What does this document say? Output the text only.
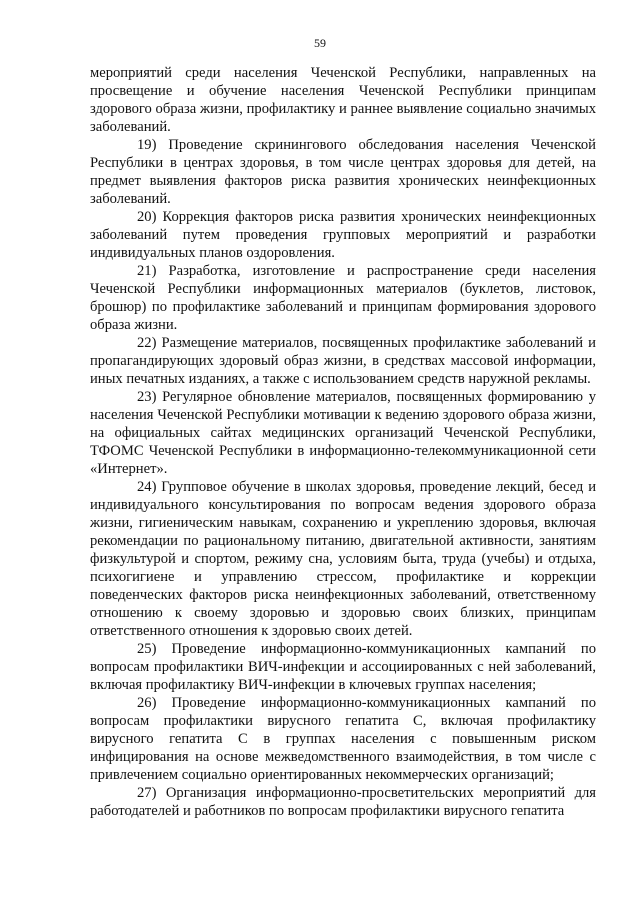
59

мероприятий среди населения Чеченской Республики, направленных на просвещение и обучение населения Чеченской Республики принципам здорового образа жизни, профилактику и раннее выявление социально значимых заболеваний.

19) Проведение скринингового обследования населения Чеченской Республики в центрах здоровья, в том числе центрах здоровья для детей, на предмет выявления факторов риска развития хронических неинфекционных заболеваний.

20) Коррекция факторов риска развития хронических неинфекционных заболеваний путем проведения групповых мероприятий и разработки индивидуальных планов оздоровления.

21) Разработка, изготовление и распространение среди населения Чеченской Республики информационных материалов (буклетов, листовок, брошюр) по профилактике заболеваний и принципам формирования здорового образа жизни.

22) Размещение материалов, посвященных профилактике заболеваний и пропагандирующих здоровый образ жизни, в средствах массовой информации, иных печатных изданиях, а также с использованием средств наружной рекламы.

23) Регулярное обновление материалов, посвященных формированию у населения Чеченской Республики мотивации к ведению здорового образа жизни, на официальных сайтах медицинских организаций Чеченской Республики, ТФОМС Чеченской Республики в информационно-телекоммуникационной сети «Интернет».

24) Групповое обучение в школах здоровья, проведение лекций, бесед и индивидуального консультирования по вопросам ведения здорового образа жизни, гигиеническим навыкам, сохранению и укреплению здоровья, включая рекомендации по рациональному питанию, двигательной активности, занятиям физкультурой и спортом, режиму сна, условиям быта, труда (учебы) и отдыха, психогигиене и управлению стрессом, профилактике и коррекции поведенческих факторов риска неинфекционных заболеваний, ответственному отношению к своему здоровью и здоровью своих близких, принципам ответственного отношения к здоровью своих детей.

25) Проведение информационно-коммуникационных кампаний по вопросам профилактики ВИЧ-инфекции и ассоциированных с ней заболеваний, включая профилактику ВИЧ-инфекции в ключевых группах населения;

26) Проведение информационно-коммуникационных кампаний по вопросам профилактики вирусного гепатита С, включая профилактику вирусного гепатита С в группах населения с повышенным риском инфицирования на основе межведомственного взаимодействия, в том числе с привлечением социально ориентированных некоммерческих организаций;

27) Организация информационно-просветительских мероприятий для работодателей и работников по вопросам профилактики вирусного гепатита
